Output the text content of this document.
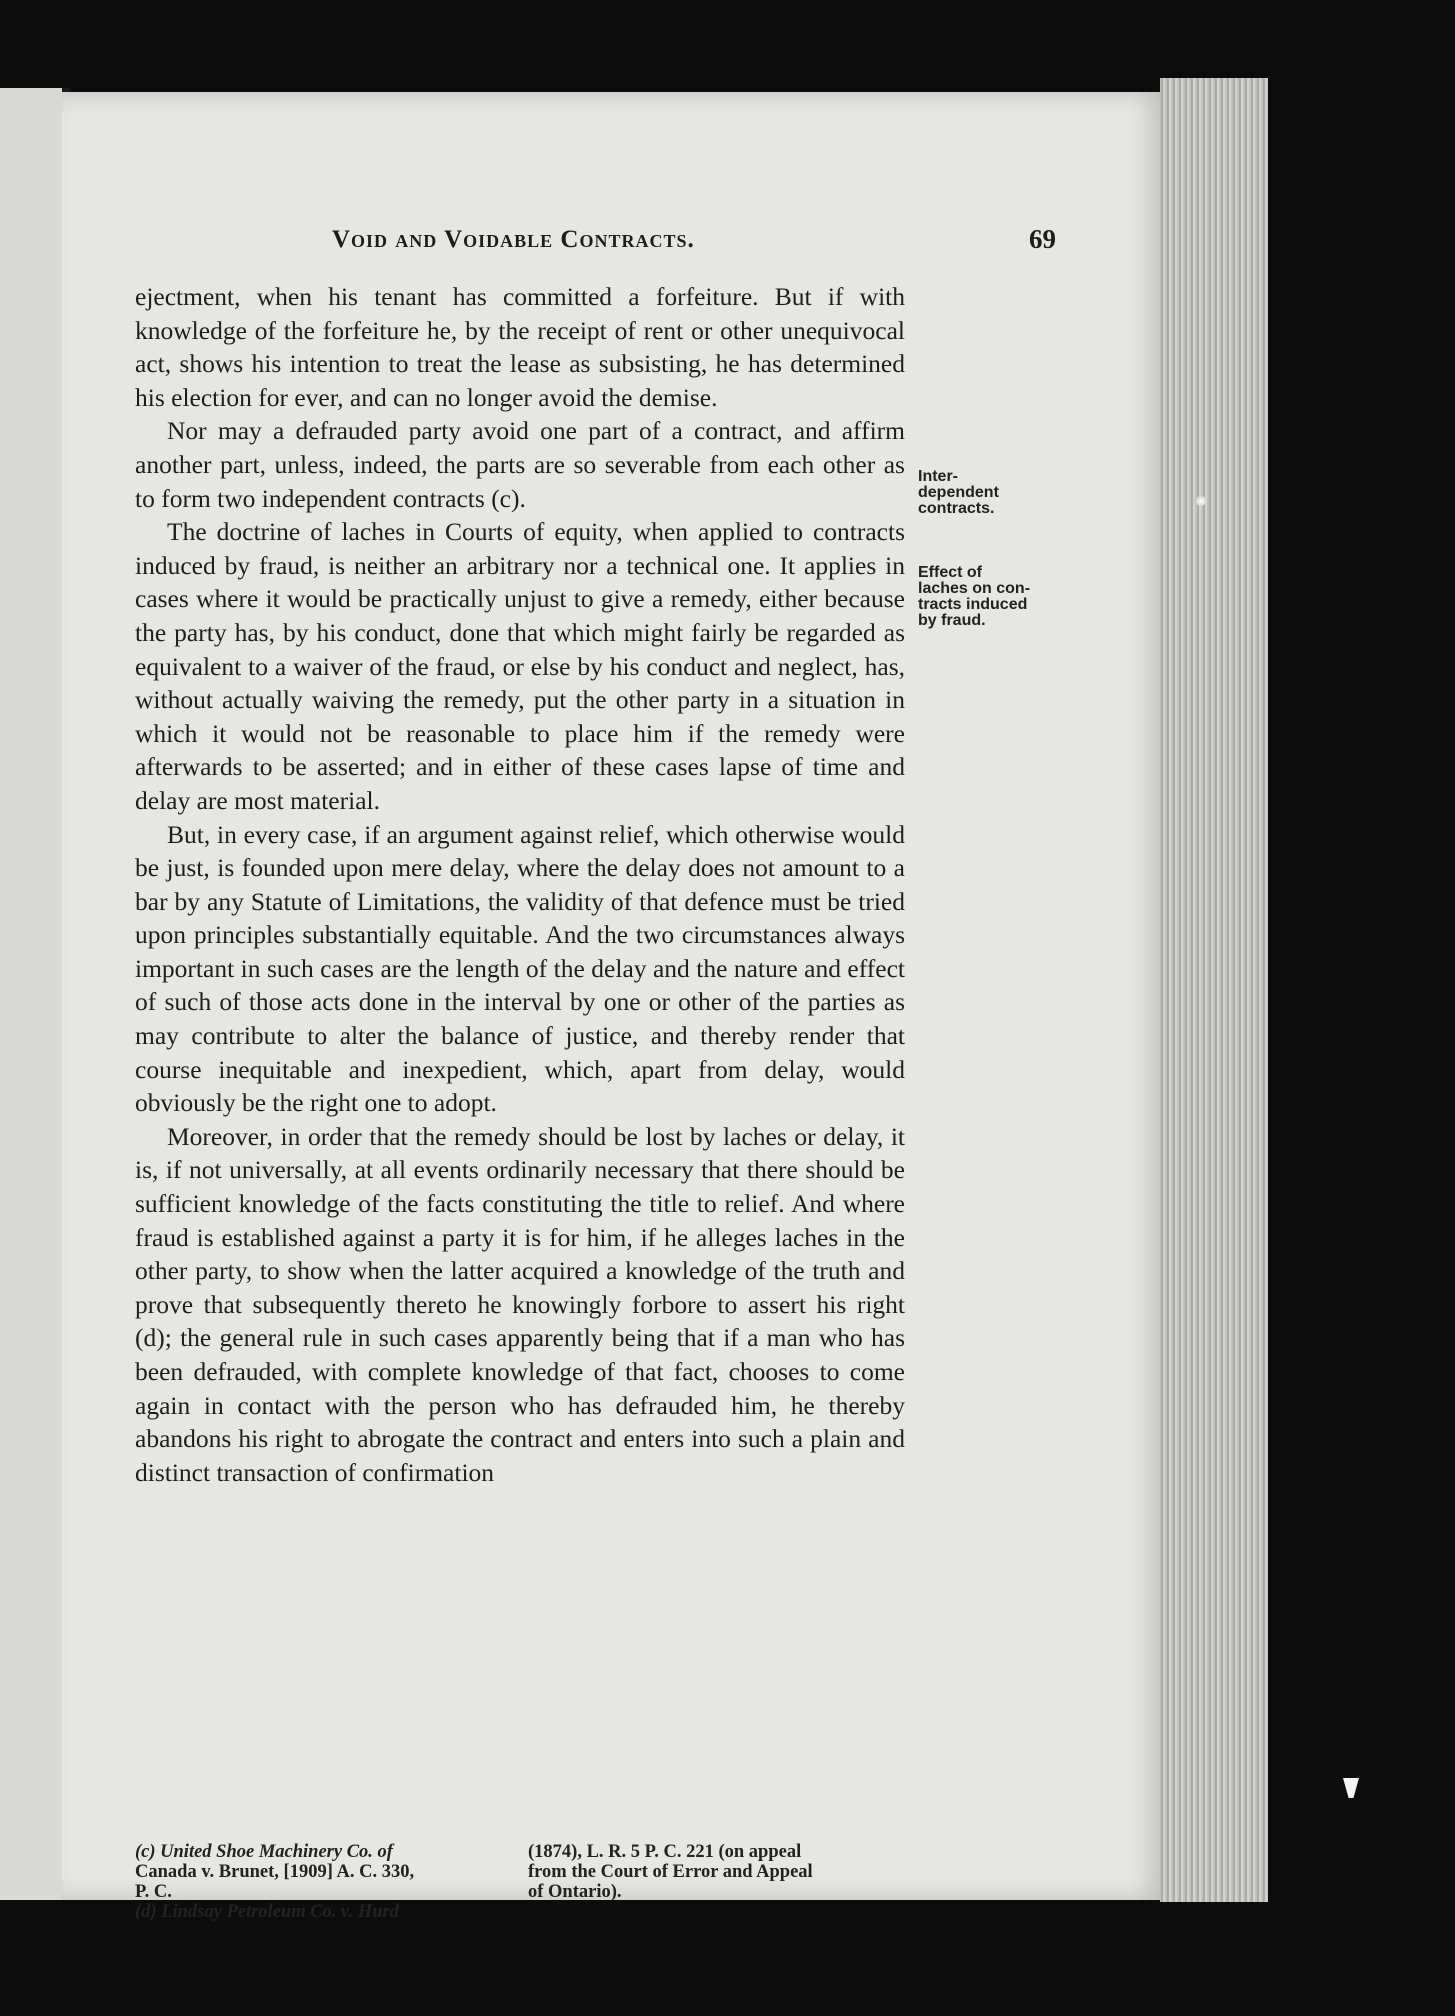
Void and Voidable Contracts.	69

ejectment, when his tenant has committed a forfeiture. But if with knowledge of the forfeiture he, by the receipt of rent or other unequivocal act, shows his intention to treat the lease as subsisting, he has determined his election for ever, and can no longer avoid the demise.

Nor may a defrauded party avoid one part of a contract, and affirm another part, unless, indeed, the parts are so severable from each other as to form two independent contracts (c).

The doctrine of laches in Courts of equity, when applied to contracts induced by fraud, is neither an arbitrary nor a technical one. It applies in cases where it would be practically unjust to give a remedy, either because the party has, by his conduct, done that which might fairly be regarded as equivalent to a waiver of the fraud, or else by his conduct and neglect, has, without actually waiving the remedy, put the other party in a situation in which it would not be reasonable to place him if the remedy were afterwards to be asserted; and in either of these cases lapse of time and delay are most material.

But, in every case, if an argument against relief, which otherwise would be just, is founded upon mere delay, where the delay does not amount to a bar by any Statute of Limitations, the validity of that defence must be tried upon principles substantially equitable. And the two circumstances always important in such cases are the length of the delay and the nature and effect of such of those acts done in the interval by one or other of the parties as may contribute to alter the balance of justice, and thereby render that course inequitable and inexpedient, which, apart from delay, would obviously be the right one to adopt.

Moreover, in order that the remedy should be lost by laches or delay, it is, if not universally, at all events ordinarily necessary that there should be sufficient knowledge of the facts constituting the title to relief. And where fraud is established against a party it is for him, if he alleges laches in the other party, to show when the latter acquired a knowledge of the truth and prove that subsequently thereto he knowingly forbore to assert his right (d); the general rule in such cases apparently being that if a man who has been defrauded, with complete knowledge of that fact, chooses to come again in contact with the person who has defrauded him, he thereby abandons his right to abrogate the contract and enters into such a plain and distinct transaction of confirmation

Inter-
dependent
contracts.
Effect of
laches on con-
tracts induced
by fraud.
(c) United Shoe Machinery Co. of
Canada v. Brunet, [1909] A. C. 330,
P. C.
(d) Lindsay Petroleum Co. v. Hurd
(1874), L. R. 5 P. C. 221 (on appeal
from the Court of Error and Appeal
of Ontario).
